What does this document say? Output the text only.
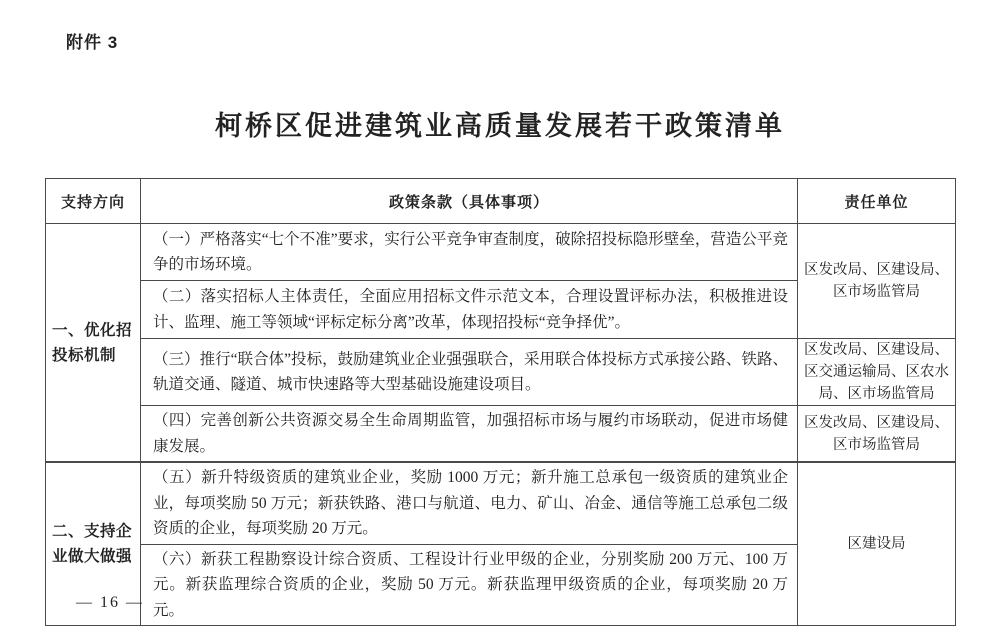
附件 3
柯桥区促进建筑业高质量发展若干政策清单
支持方向	政策条款（具体事项）	责任单位
一、优化招投标机制	（一）严格落实“七个不准”要求，实行公平竞争审查制度，破除招投标隐形壁垒，营造公平竞争的市场环境。	区发改局、区建设局、区市场监管局
	（二）落实招标人主体责任，全面应用招标文件示范文本，合理设置评标办法，积极推进设计、监理、施工等领域“评标定标分离”改革，体现招投标“竞争择优”。	
	（三）推行“联合体”投标，鼓励建筑业企业强强联合，采用联合体投标方式承接公路、铁路、轨道交通、隧道、城市快速路等大型基础设施建设项目。	区发改局、区建设局、区交通运输局、区农水局、区市场监管局
	（四）完善创新公共资源交易全生命周期监管，加强招标市场与履约市场联动，促进市场健康发展。	区发改局、区建设局、区市场监管局
二、支持企业做大做强	（五）新升特级资质的建筑业企业，奖励 1000 万元；新升施工总承包一级资质的建筑业企业，每项奖励 50 万元；新获铁路、港口与航道、电力、矿山、冶金、通信等施工总承包二级资质的企业，每项奖励 20 万元。	区建设局
	（六）新获工程勘察设计综合资质、工程设计行业甲级的企业，分别奖励 200 万元、100 万元。新获监理综合资质的企业，奖励 50 万元。新获监理甲级资质的企业，每项奖励 20 万元。	
— 16 —
